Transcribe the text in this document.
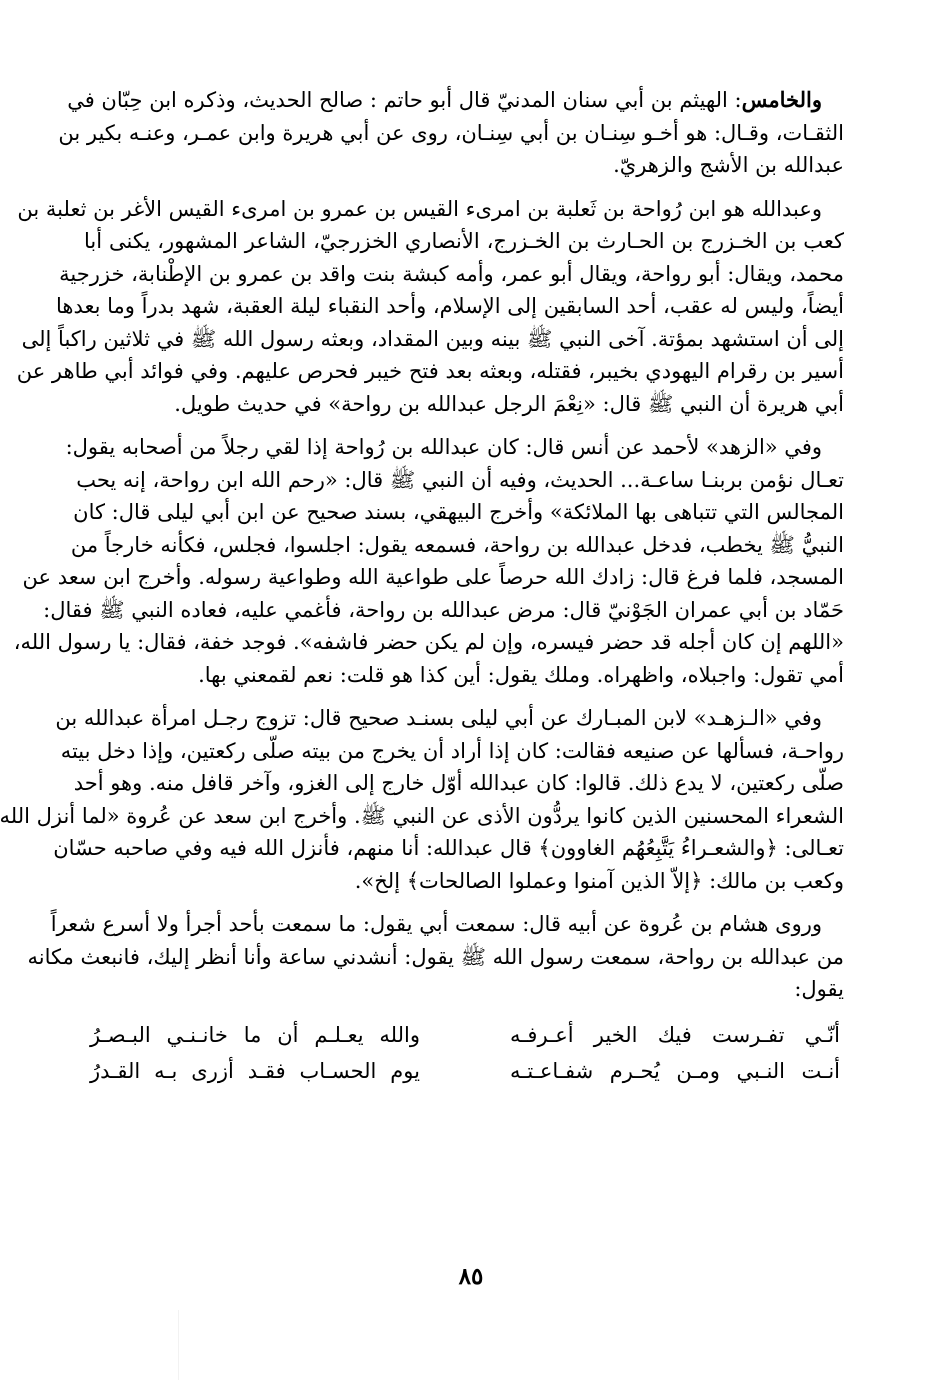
والخامس: الهيثم بن أبي سنان المدنيّ قال أبو حاتم : صالح الحديث، وذكره ابن حِبّان في
الثقـات، وقـال: هو أخـو سِنـان بن أبي سِنـان، روى عن أبي هريرة وابن عمـر، وعنـه بكير بن
عبدالله بن الأشج والزهريّ.
وعبدالله هو ابن رُواحة بن ثَعلبة بن امرىء القيس بن عمرو بن امرىء القيس الأغر بن ثعلبة بن
كعب بن الخـزرج بن الحـارث بن الخـزرج، الأنصاري الخزرجيّ، الشاعر المشهور، يكنى أبا
محمد، ويقال: أبو رواحة، ويقال أبو عمر، وأمه كبشة بنت واقد بن عمرو بن الإطْنابة، خزرجية
أيضاً، وليس له عقب، أحد السابقين إلى الإسلام، وأحد النقباء ليلة العقبة، شهد بدراً وما بعدها
إلى أن استشهد بمؤتة. آخى النبي ﷺ بينه وبين المقداد، وبعثه رسول الله ﷺ في ثلاثين راكباً إلى
أسير بن رقرام اليهودي بخيبر، فقتله، وبعثه بعد فتح خيبر فحرص عليهم. وفي فوائد أبي طاهر عن
أبي هريرة أن النبي ﷺ قال: «نِعْمَ الرجل عبدالله بن رواحة» في حديث طويل.
وفي «الزهد» لأحمد عن أنس قال: كان عبدالله بن رُواحة إذا لقي رجلاً من أصحابه يقول:
تعـال نؤمن بربنـا ساعـة... الحديث، وفيه أن النبي ﷺ قال: «رحم الله ابن رواحة، إنه يحب
المجالس التي تتباهى بها الملائكة» وأخرج البيهقي، بسند صحيح عن ابن أبي ليلى قال: كان
النبيُّ ﷺ يخطب، فدخل عبدالله بن رواحة، فسمعه يقول: اجلسوا، فجلس، فكأنه خارجاً من
المسجد، فلما فرغ قال: زادك الله حرصاً على طواعية الله وطواعية رسوله. وأخرج ابن سعد عن
حَمّاد بن أبي عمران الجَوْنيّ قال: مرض عبدالله بن رواحة، فأغمي عليه، فعاده النبي ﷺ فقال:
«اللهم إن كان أجله قد حضر فيسره، وإن لم يكن حضر فاشفه». فوجد خفة، فقال: يا رسول الله،
أمي تقول: واجبلاه، واظهراه. وملك يقول: أين كذا هو قلت: نعم لقمعني بها.
وفي «الـزهـد» لابن المبـارك عن أبي ليلى بسنـد صحيح قال: تزوج رجـل امرأة عبدالله بن
رواحـة، فسألها عن صنيعه فقالت: كان إذا أراد أن يخرج من بيته صلّى ركعتين، وإذا دخل بيته
صلّى ركعتين، لا يدع ذلك. قالوا: كان عبدالله أوّل خارج إلى الغزو، وآخر قافل منه. وهو أحد
الشعراء المحسنين الذين كانوا يردُّون الأذى عن النبي ﷺ. وأخرج ابن سعد عن عُروة «لما أنزل الله
تعـالى: ﴿والشعـراءُ يَتَّبِعُهُم الغاوون﴾ قال عبدالله: أنا منهم، فأنزل الله فيه وفي صاحبه حسّان
وكعب بن مالك: ﴿إلاّ الذين آمنوا وعملوا الصالحات﴾ إلخ».
وروى هشام بن عُروة عن أبيه قال: سمعت أبي يقول: ما سمعت بأحد أجرأ ولا أسرع شعراً
من عبدالله بن رواحة، سمعت رسول الله ﷺ يقول: أنشدني ساعة وأنا أنظر إليك، فانبعث مكانه
يقول:
أنّـي تفـرست فيك الخير أعـرفـه
والله يعـلـم أن ما خانـنـي البـصـرُ
أنـت النـبي ومـن يُحـرم شفـاعـتـه
يوم الحسـاب فقـد أزرى بـه القـدرُ
٨٥
